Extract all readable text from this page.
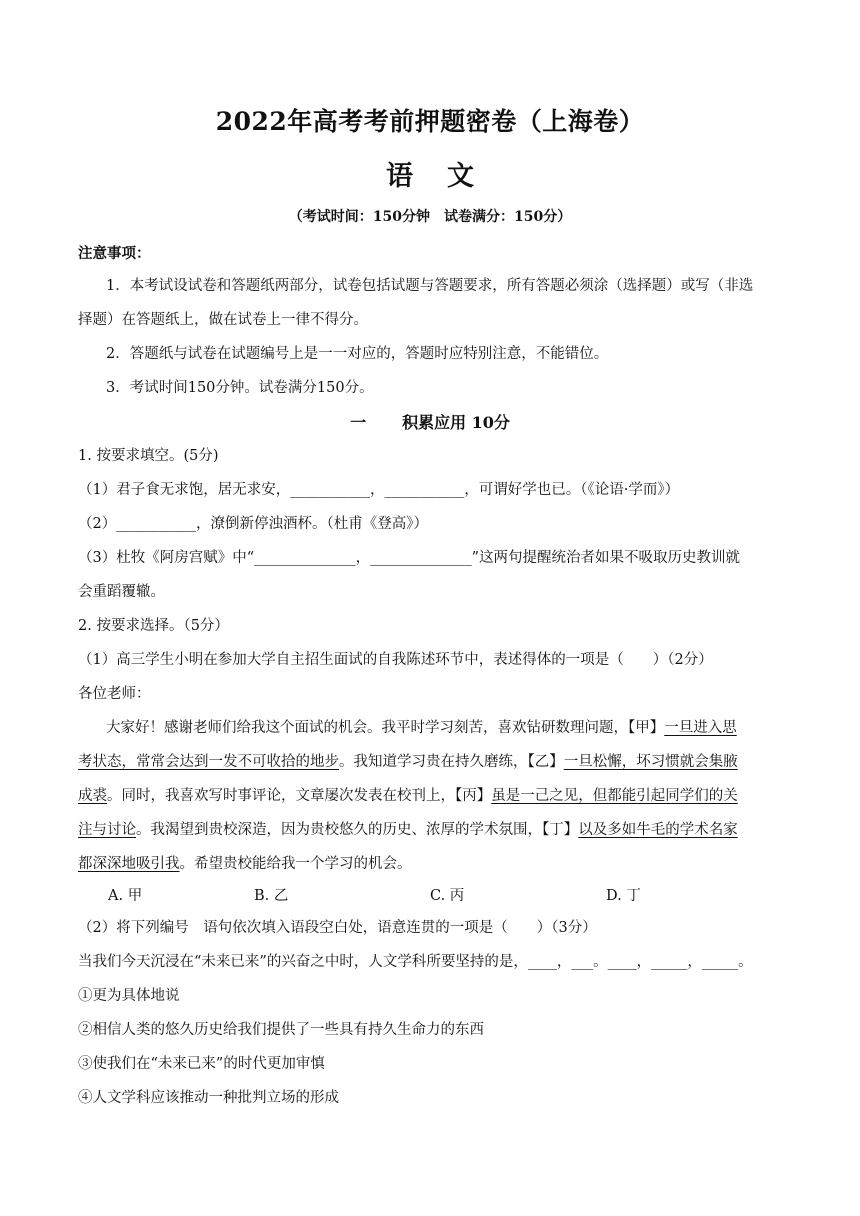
2022年高考考前押题密卷（上海卷）
语文
（考试时间：150分钟　试卷满分：150分）
注意事项：
1．本考试设试卷和答题纸两部分，试卷包括试题与答题要求，所有答题必须涂（选择题）或写（非选
择题）在答题纸上，做在试卷上一律不得分。
2．答题纸与试卷在试题编号上是一一对应的，答题时应特别注意，不能错位。
3．考试时间150分钟。试卷满分150分。
一 积累应用 10分
1. 按要求填空。(5分)
（1）君子食无求饱，居无求安，___________，___________，可谓好学也已。（《论语·学而》）
（2）___________，潦倒新停浊酒杯。（杜甫《登高》）
（3）杜牧《阿房宫赋》中“______________，______________”这两句提醒统治者如果不吸取历史教训就
会重蹈覆辙。
2. 按要求选择。（5分）
（1）高三学生小明在参加大学自主招生面试的自我陈述环节中，表述得体的一项是（　　）（2分）
各位老师：
大家好！感谢老师们给我这个面试的机会。我平时学习刻苦，喜欢钻研数理问题，【甲】一旦进入思
考状态，常常会达到一发不可收拾的地步。我知道学习贵在持久磨练，【乙】一旦松懈，坏习惯就会集腋
成裘。同时，我喜欢写时事评论，文章屡次发表在校刊上，【丙】虽是一己之见，但都能引起同学们的关
注与讨论。我渴望到贵校深造，因为贵校悠久的历史、浓厚的学术氛围，【丁】以及多如牛毛的学术名家
都深深地吸引我。希望贵校能给我一个学习的机会。
A. 甲	B. 乙	C. 丙	D. 丁
（2）将下列编号　语句依次填入语段空白处，语意连贯的一项是（　　）（3分）
当我们今天沉浸在“未来已来”的兴奋之中时，人文学科所要坚持的是，____，___。____，_____，_____。
①更为具体地说
②相信人类的悠久历史给我们提供了一些具有持久生命力的东西
③使我们在“未来已来”的时代更加审慎
④人文学科应该推动一种批判立场的形成
